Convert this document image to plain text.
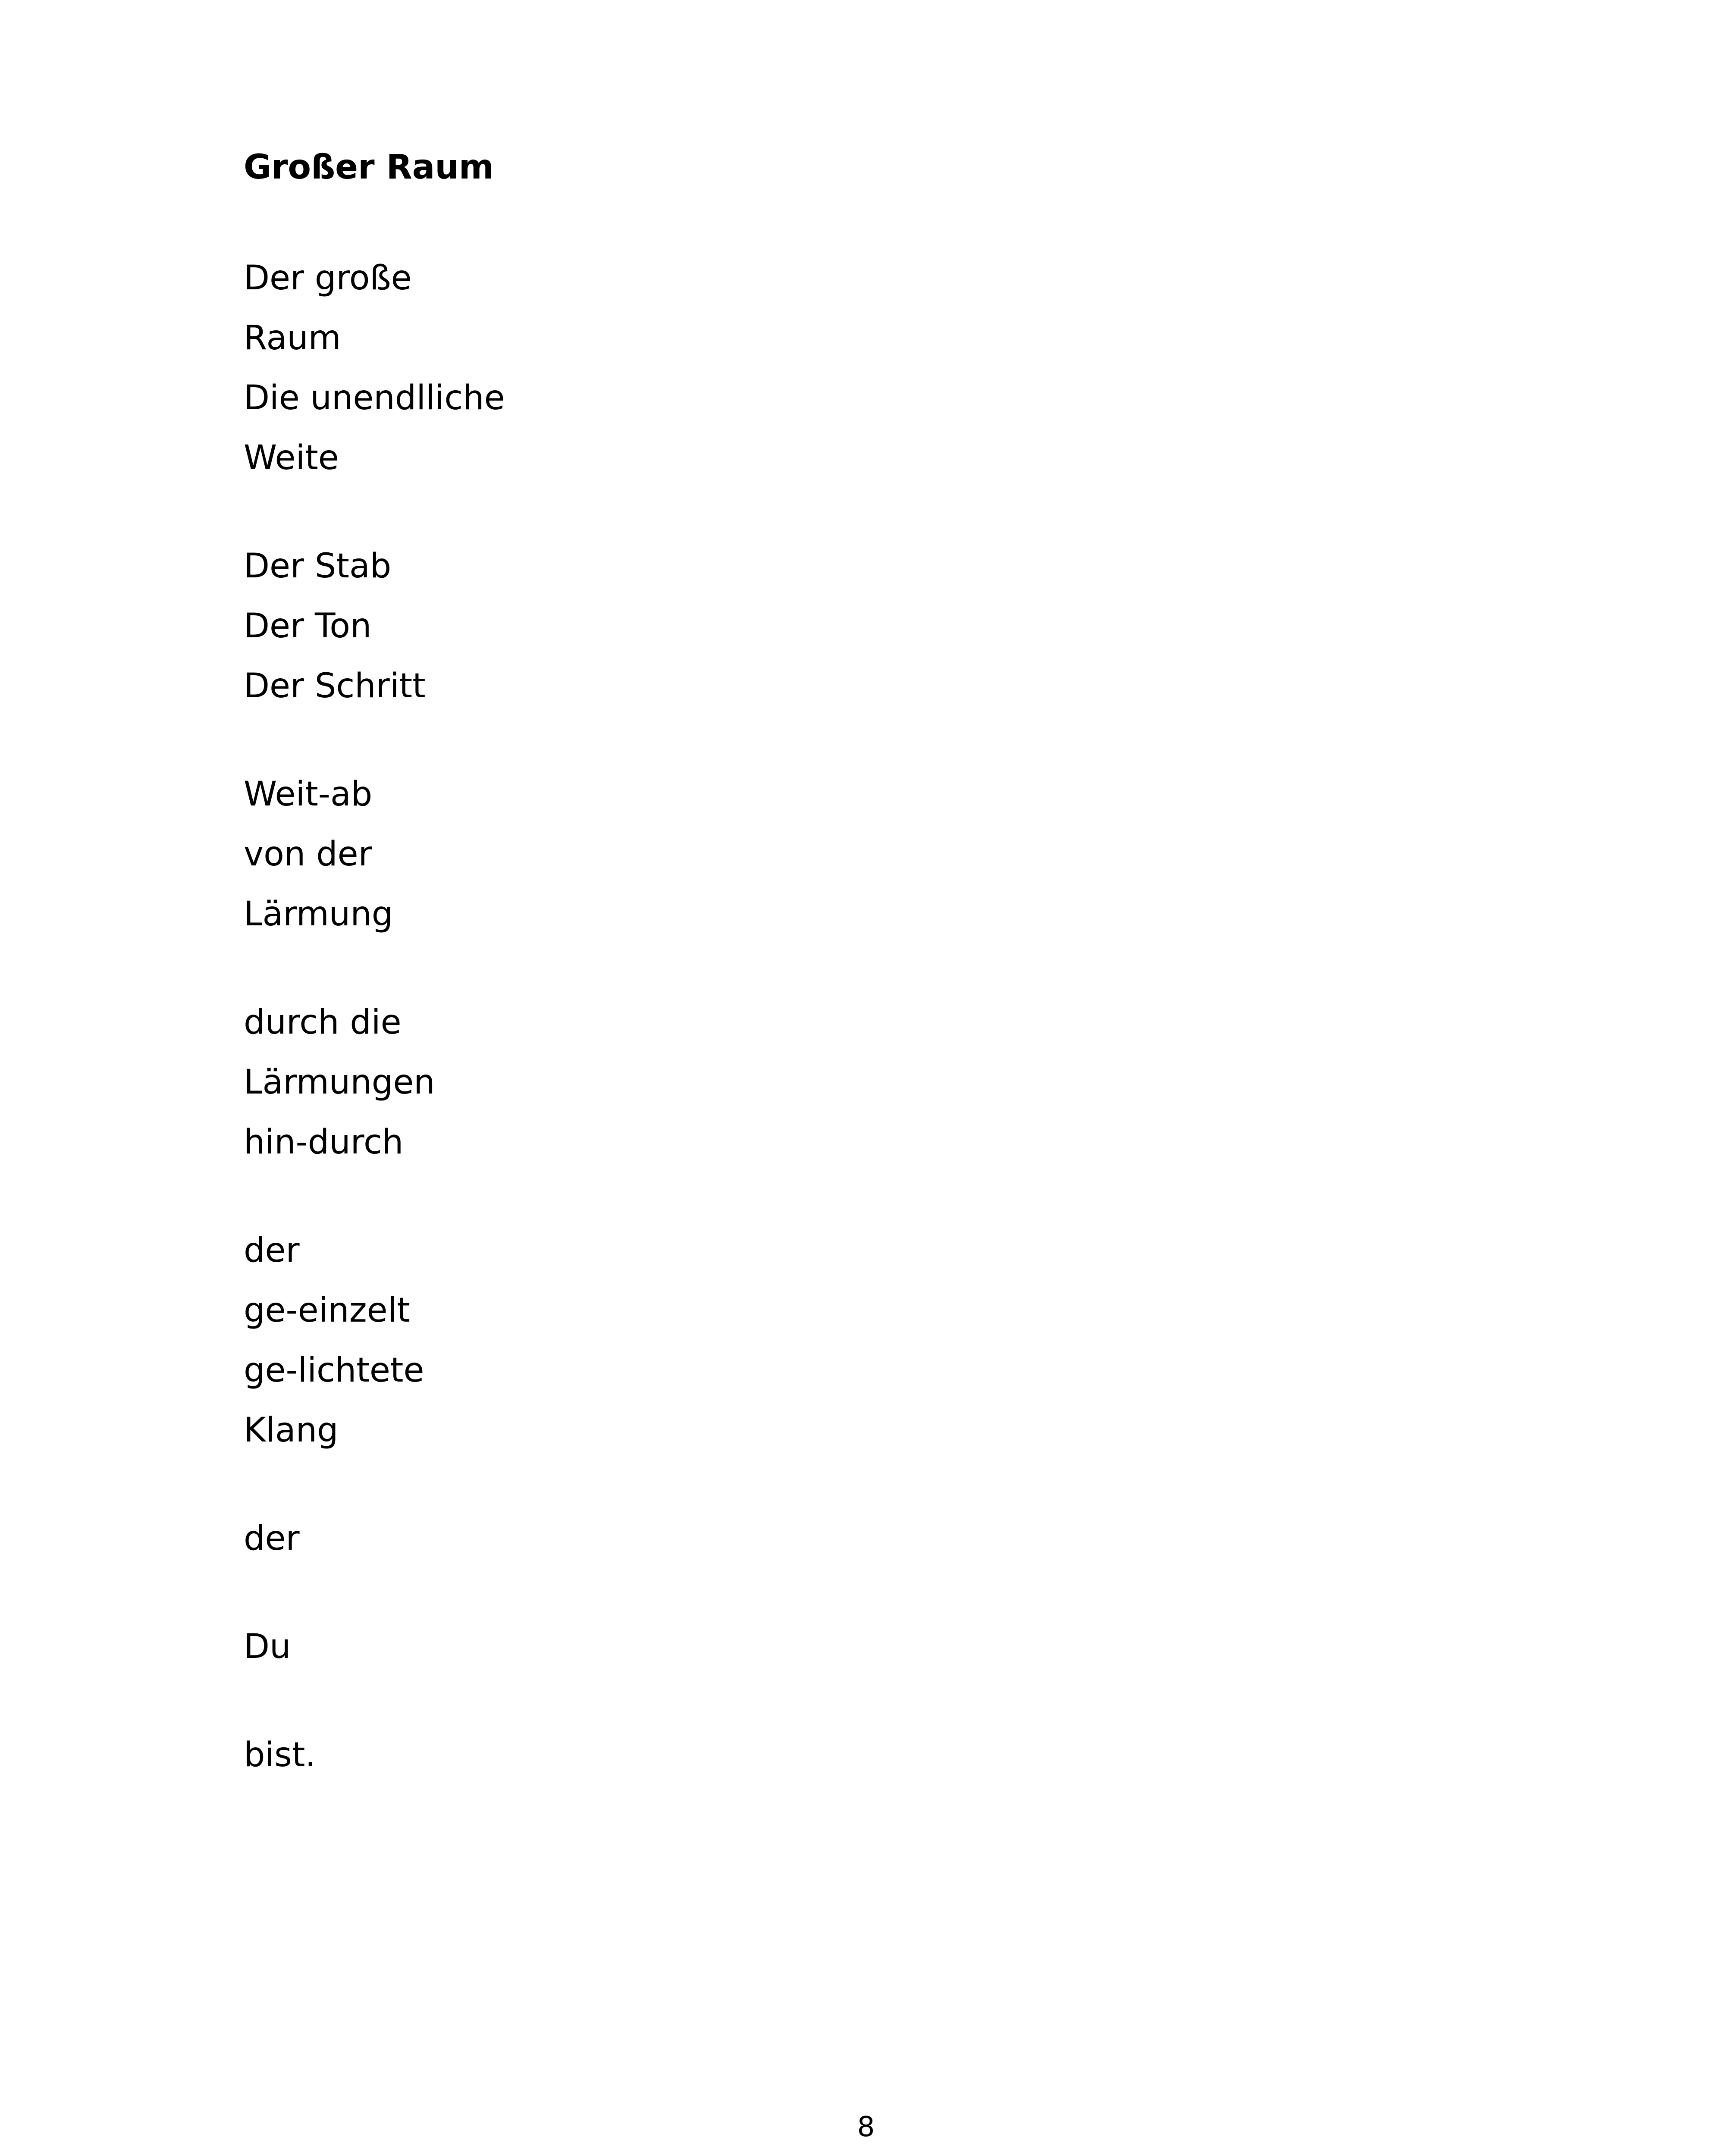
Großer Raum
Der große
Raum
Die unendlliche
Weite
Der Stab
Der Ton
Der Schritt
Weit-ab
von der
Lärmung
durch die
Lärmungen
hin-durch
der
ge-einzelt
ge-lichtete
Klang
der
Du
bist.
8
